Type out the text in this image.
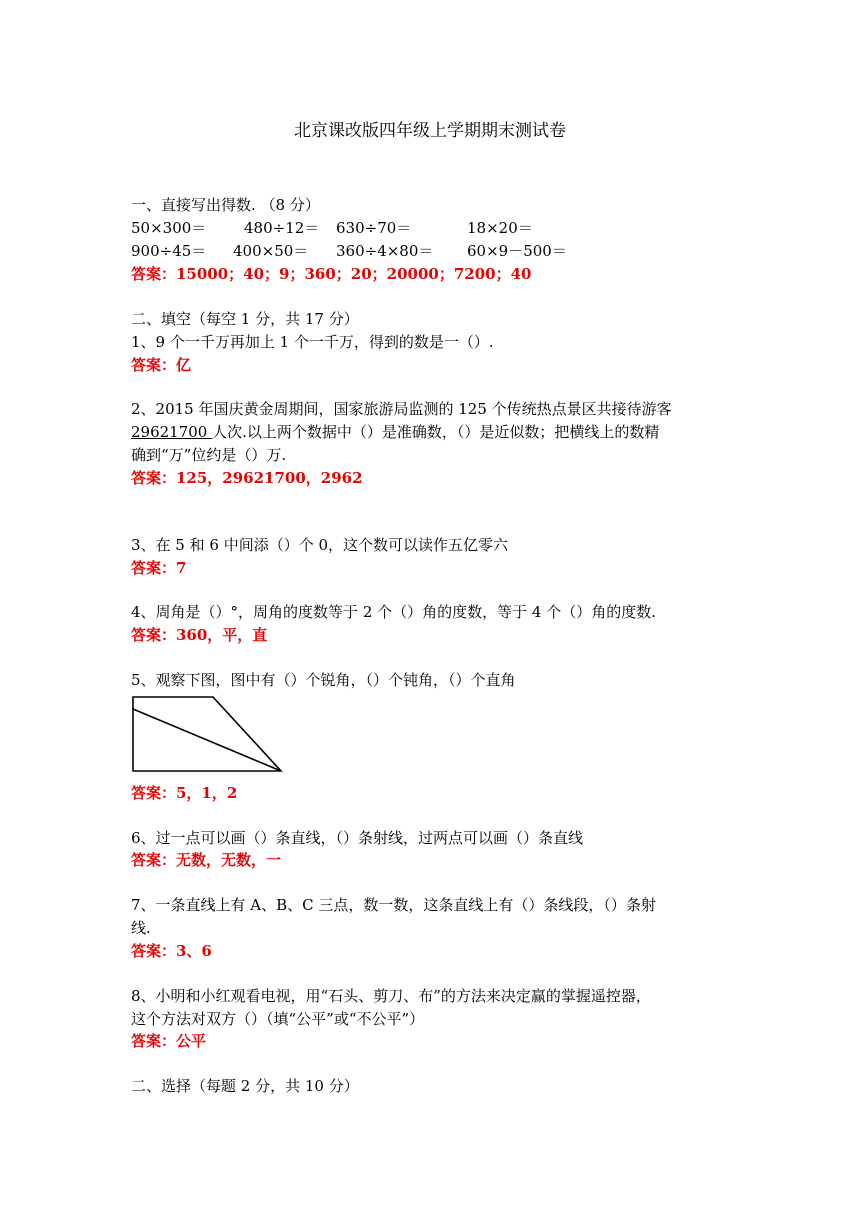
北京课改版四年级上学期期末测试卷
一、直接写出得数. （8 分）
50×300＝	480÷12＝ 630÷70＝	18×20＝
900÷45＝ 400×50＝ 360÷4×80＝ 60×9－500＝
答案：15000；40；9；360；20；20000；7200；40
二、填空（每空 1 分，共 17 分）
1、9 个一千万再加上 1 个一千万，得到的数是一（）.
答案：亿
2、2015 年国庆黄金周期间，国家旅游局监测的 125 个传统热点景区共接待游客
29621700 人次.以上两个数据中（）是准确数，（）是近似数；把横线上的数精
确到“万”位约是（）万.
答案：125，29621700，2962
3、在 5 和 6 中间添（）个 0，这个数可以读作五亿零六
答案：7
4、周角是（）°，周角的度数等于 2 个（）角的度数，等于 4 个（）角的度数.
答案：360，平，直
5、观察下图，图中有（）个锐角，（）个钝角，（）个直角
答案：5，1，2
6、过一点可以画（）条直线，（）条射线，过两点可以画（）条直线
答案：无数，无数，一
7、一条直线上有 A、B、C 三点，数一数，这条直线上有（）条线段，（）条射
线.
答案：3、6
8、小明和小红观看电视，用“石头、剪刀、布”的方法来决定赢的掌握遥控器，
这个方法对双方（）（填“公平”或“不公平”）
答案：公平
二、选择（每题 2 分，共 10 分）
